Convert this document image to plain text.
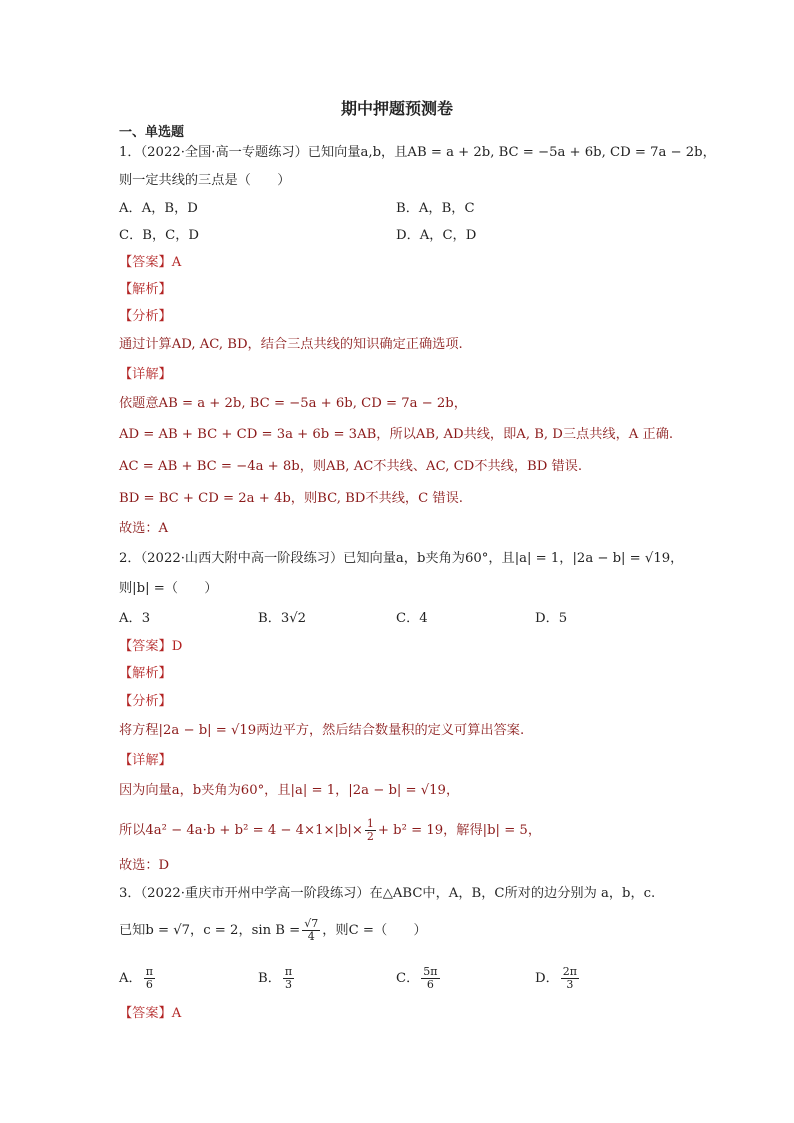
期中押题预测卷
一、单选题
1．（2022·全国·高一专题练习）已知向量a,b，且AB = a + 2b, BC = −5a + 6b, CD = 7a − 2b，
则一定共线的三点是（　　）
A．A，B，D	B．A，B，C
C．B，C，D	D．A，C，D
【答案】A
【解析】
【分析】
通过计算AD, AC, BD，结合三点共线的知识确定正确选项.
【详解】
依题意AB = a + 2b, BC = −5a + 6b, CD = 7a − 2b，
AD = AB + BC + CD = 3a + 6b = 3AB，所以AB, AD共线，即A, B, D三点共线，A 正确.
AC = AB + BC = −4a + 8b，则AB, AC不共线、AC, CD不共线，BD 错误.
BD = BC + CD = 2a + 4b，则BC, BD不共线，C 错误.
故选：A
2．（2022·山西大附中高一阶段练习）已知向量a，b夹角为60°，且|a| = 1，|2a − b| = √19，
则|b| =（　　）
A．3	B．3√2	C．4	D．5
【答案】D
【解析】
【分析】
将方程|2a − b| = √19两边平方，然后结合数量积的定义可算出答案.
【详解】
因为向量a，b夹角为60°，且|a| = 1，|2a − b| = √19，
所以$4a^2 - 4a\cdot b + b^2 = 4 - 4\times 1\times|b|\times \frac{1}{2} + b^2 = 19$，解得|b| = 5，
故选：D
3．（2022·重庆市开州中学高一阶段练习）在△ABC中，A，B，C所对的边分别为 a，b，c.
已知b = √7，c = 2，$\sin B = \frac{√7}{4}$ ，则C =（　　）
A． $\frac{\pi}{6}$	B． $\frac{\pi}{3}$	C． $\frac{5\pi}{6}$	D． $\frac{2\pi}{3}$
【答案】A
